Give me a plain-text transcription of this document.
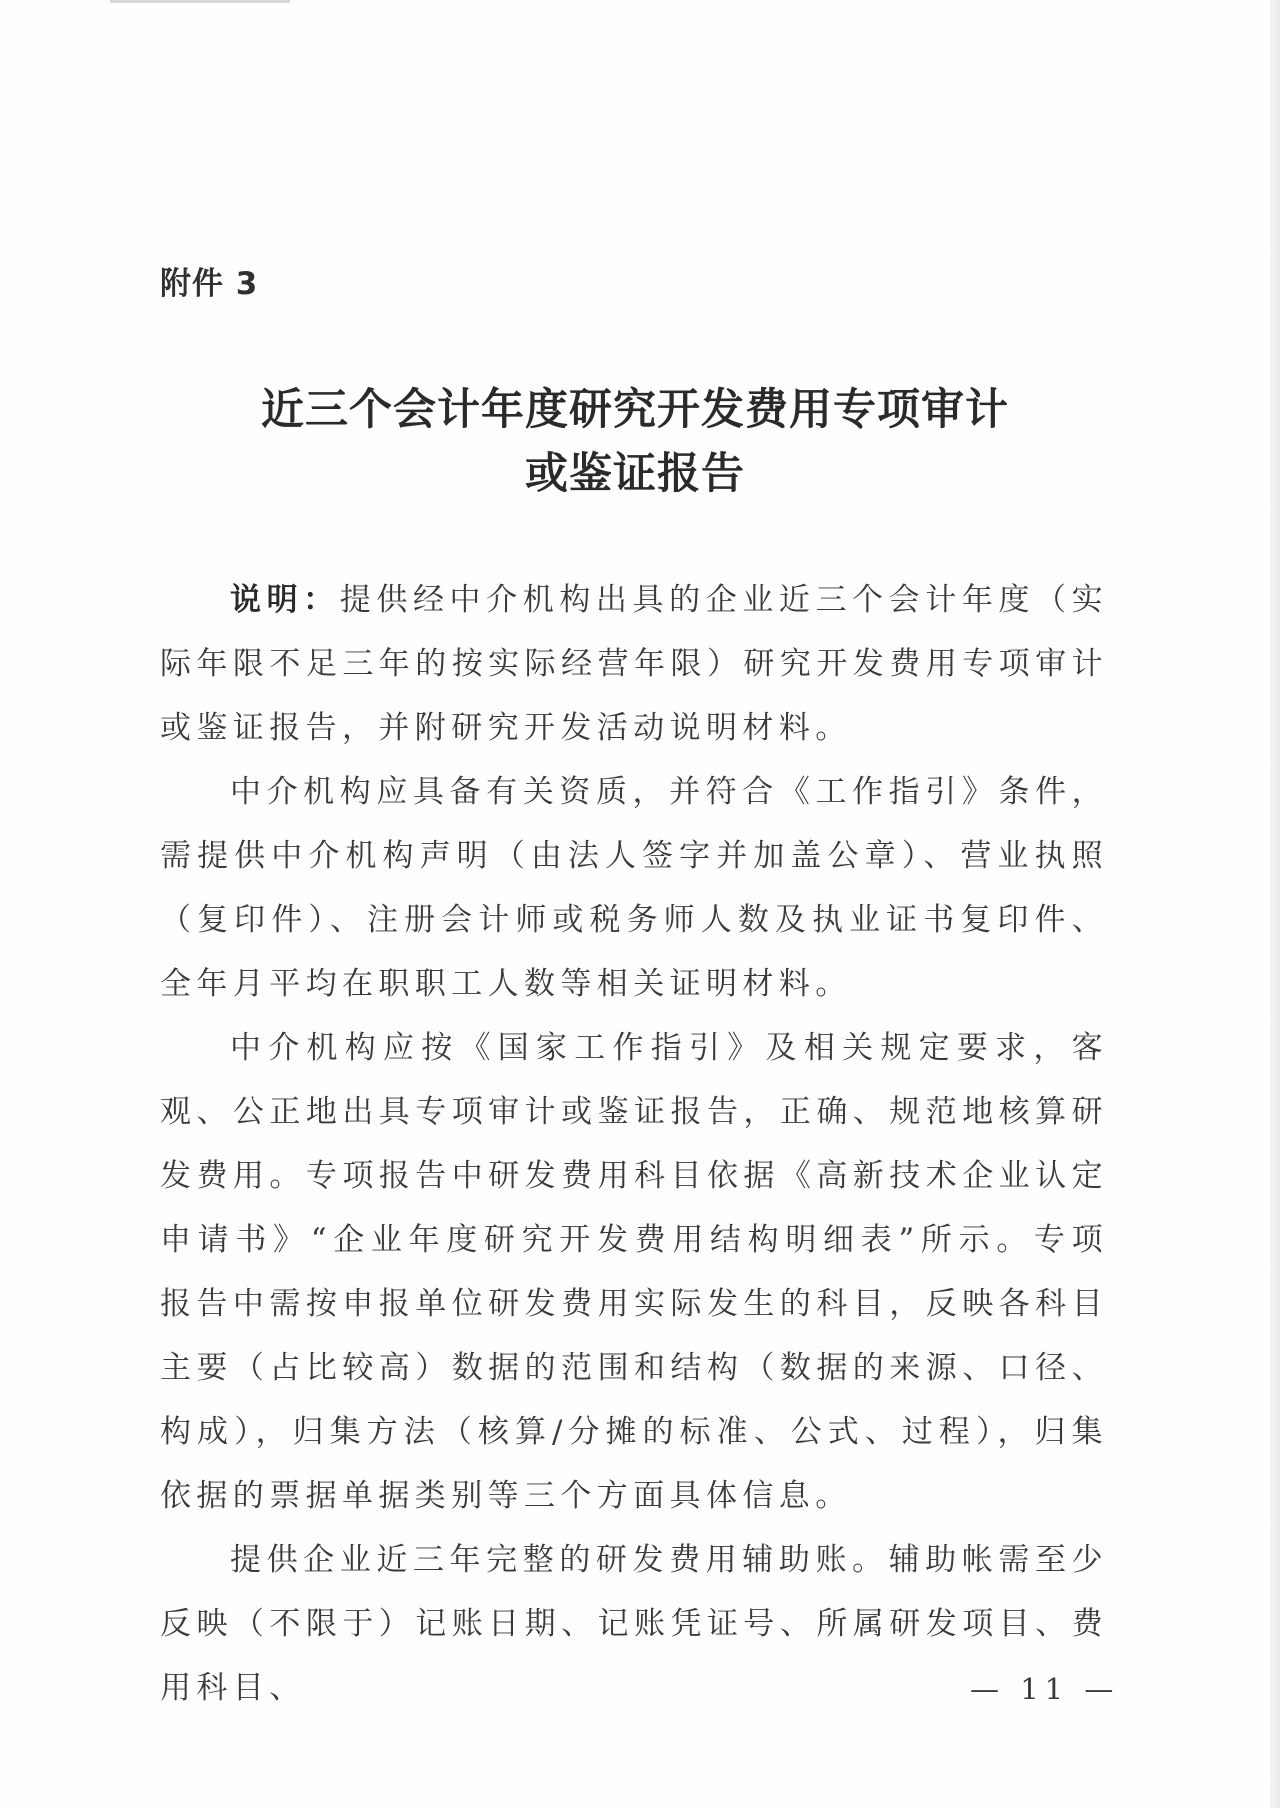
附件 3
近三个会计年度研究开发费用专项审计
或鉴证报告

说明：提供经中介机构出具的企业近三个会计年度（实际年限不足三年的按实际经营年限）研究开发费用专项审计或鉴证报告，并附研究开发活动说明材料。

中介机构应具备有关资质，并符合《工作指引》条件，需提供中介机构声明（由法人签字并加盖公章）、营业执照（复印件）、注册会计师或税务师人数及执业证书复印件、全年月平均在职职工人数等相关证明材料。

中介机构应按《国家工作指引》及相关规定要求，客观、公正地出具专项审计或鉴证报告，正确、规范地核算研发费用。专项报告中研发费用科目依据《高新技术企业认定申请书》“企业年度研究开发费用结构明细表”所示。专项报告中需按申报单位研发费用实际发生的科目，反映各科目主要（占比较高）数据的范围和结构（数据的来源、口径、构成），归集方法（核算/分摊的标准、公式、过程），归集依据的票据单据类别等三个方面具体信息。

提供企业近三年完整的研发费用辅助账。辅助帐需至少反映（不限于）记账日期、记账凭证号、所属研发项目、费用科目、	— 11 —
